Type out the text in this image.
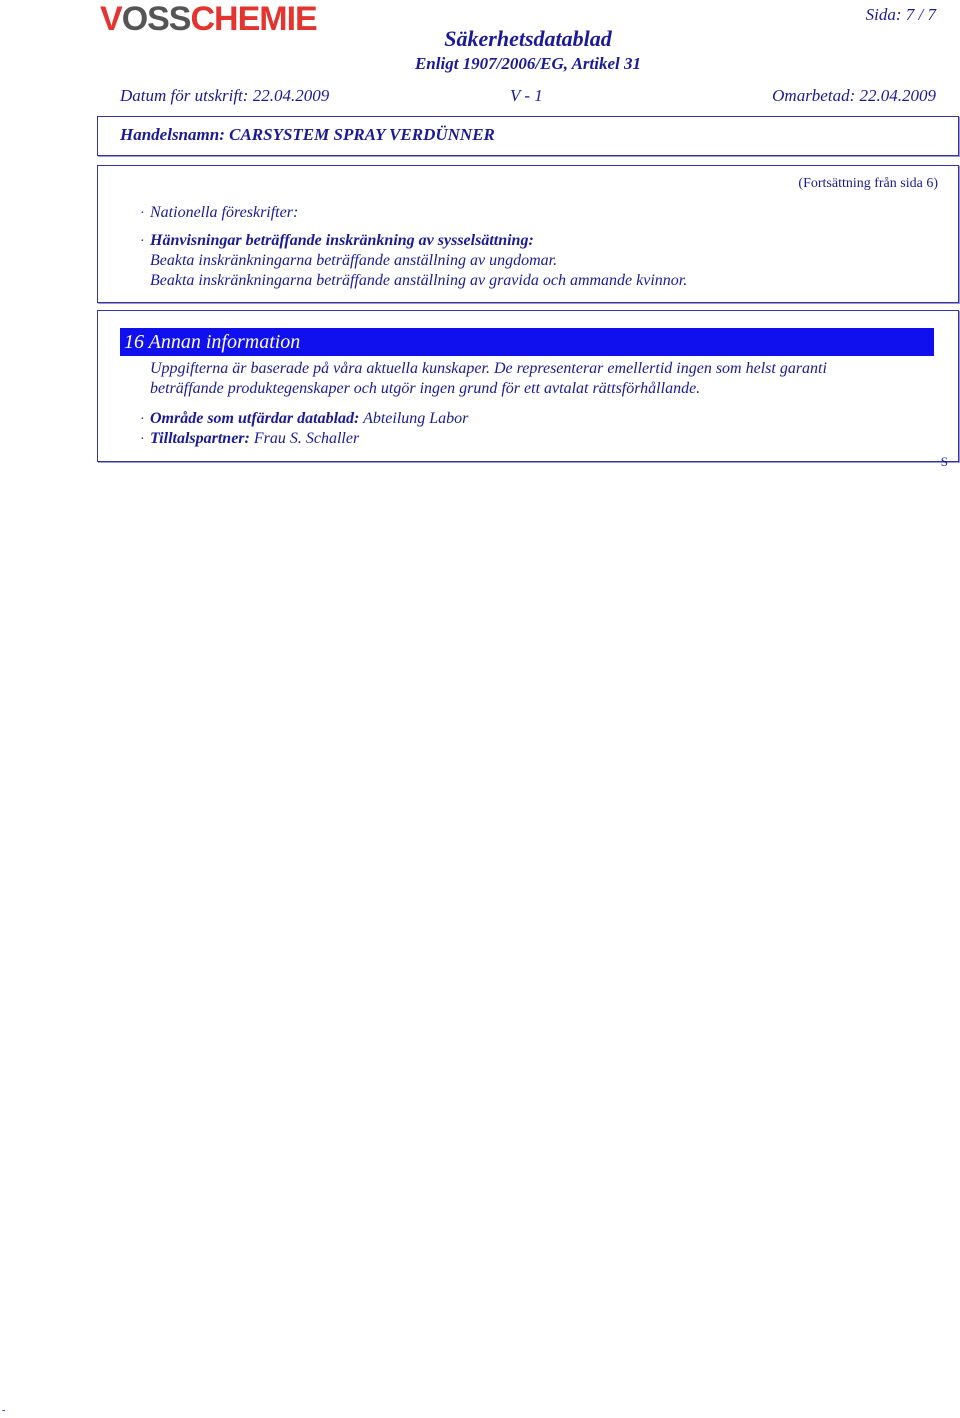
VOSSCHEMIE	Sida: 7 / 7
Säkerhetsdatablad
Enligt 1907/2006/EG, Artikel 31
Datum för utskrift: 22.04.2009	V - 1	Omarbetad: 22.04.2009
Handelsnamn: CARSYSTEM SPRAY VERDÜNNER
(Fortsättning från sida 6)
· Nationella föreskrifter:
· Hänvisningar beträffande inskränkning av sysselsättning:
Beakta inskränkningarna beträffande anställning av ungdomar.
Beakta inskränkningarna beträffande anställning av gravida och ammande kvinnor.
16 Annan information
Uppgifterna är baserade på våra aktuella kunskaper. De representerar emellertid ingen som helst garanti
beträffande produktegenskaper och utgör ingen grund för ett avtalat rättsförhållande.
· Område som utfärdar datablad: Abteilung Labor
· Tilltalspartner: Frau S. Schaller
S
-
